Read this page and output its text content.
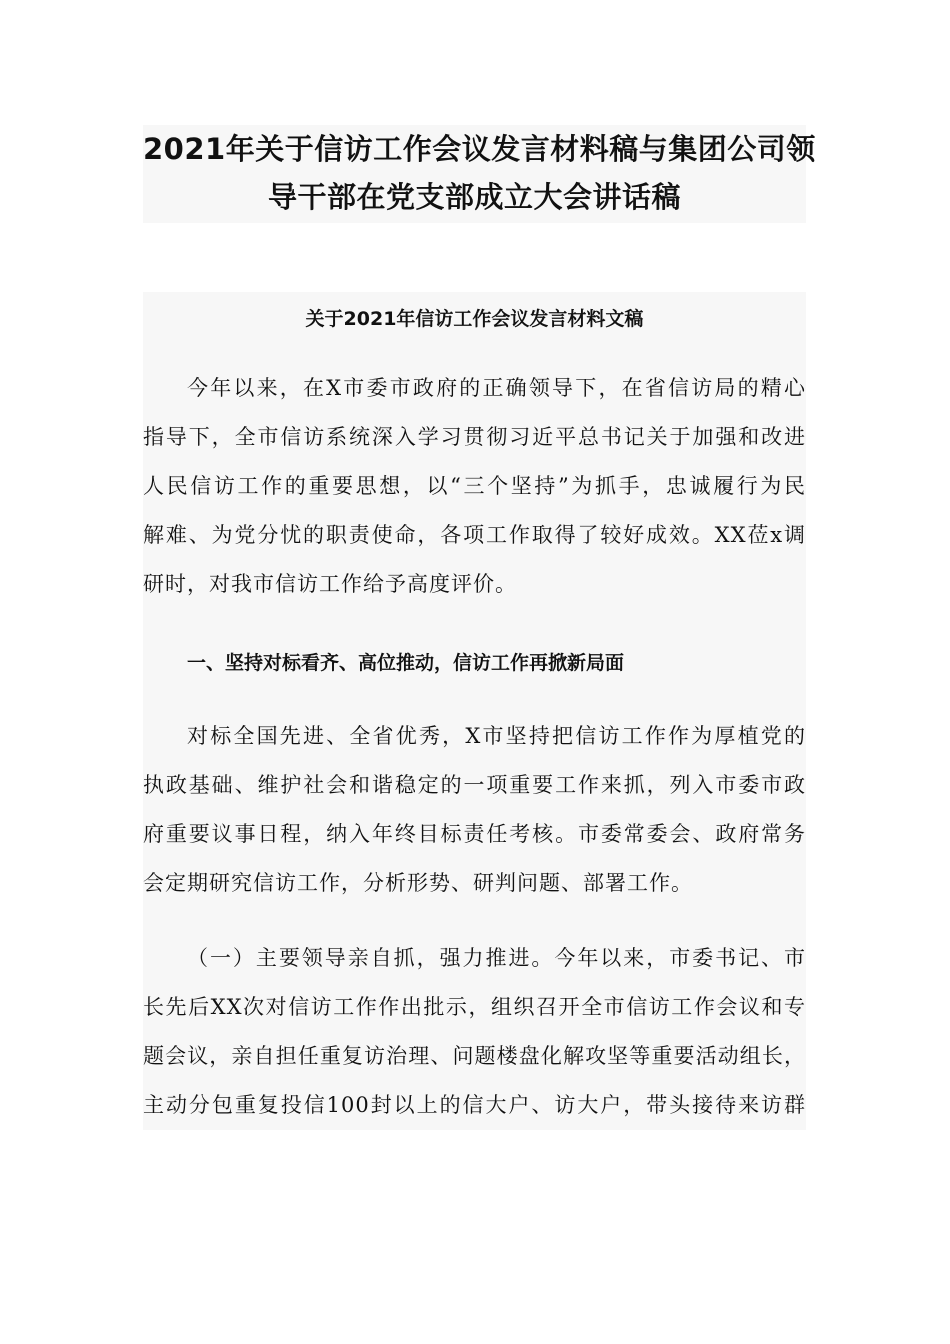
2021年关于信访工作会议发言材料稿与集团公司领
导干部在党支部成立大会讲话稿
关于2021年信访工作会议发言材料文稿
今年以来，在X市委市政府的正确领导下，在省信访局的精心
指导下，全市信访系统深入学习贯彻习近平总书记关于加强和改进
人民信访工作的重要思想，以“三个坚持”为抓手，忠诚履行为民
解难、为党分忧的职责使命，各项工作取得了较好成效。XX莅x调
研时，对我市信访工作给予高度评价。
一、坚持对标看齐、高位推动，信访工作再掀新局面
对标全国先进、全省优秀，X市坚持把信访工作作为厚植党的
执政基础、维护社会和谐稳定的一项重要工作来抓，列入市委市政
府重要议事日程，纳入年终目标责任考核。市委常委会、政府常务
会定期研究信访工作，分析形势、研判问题、部署工作。
（一）主要领导亲自抓，强力推进。今年以来，市委书记、市
长先后XX次对信访工作作出批示，组织召开全市信访工作会议和专
题会议，亲自担任重复访治理、问题楼盘化解攻坚等重要活动组长，
主动分包重复投信100封以上的信大户、访大户，带头接待来访群
